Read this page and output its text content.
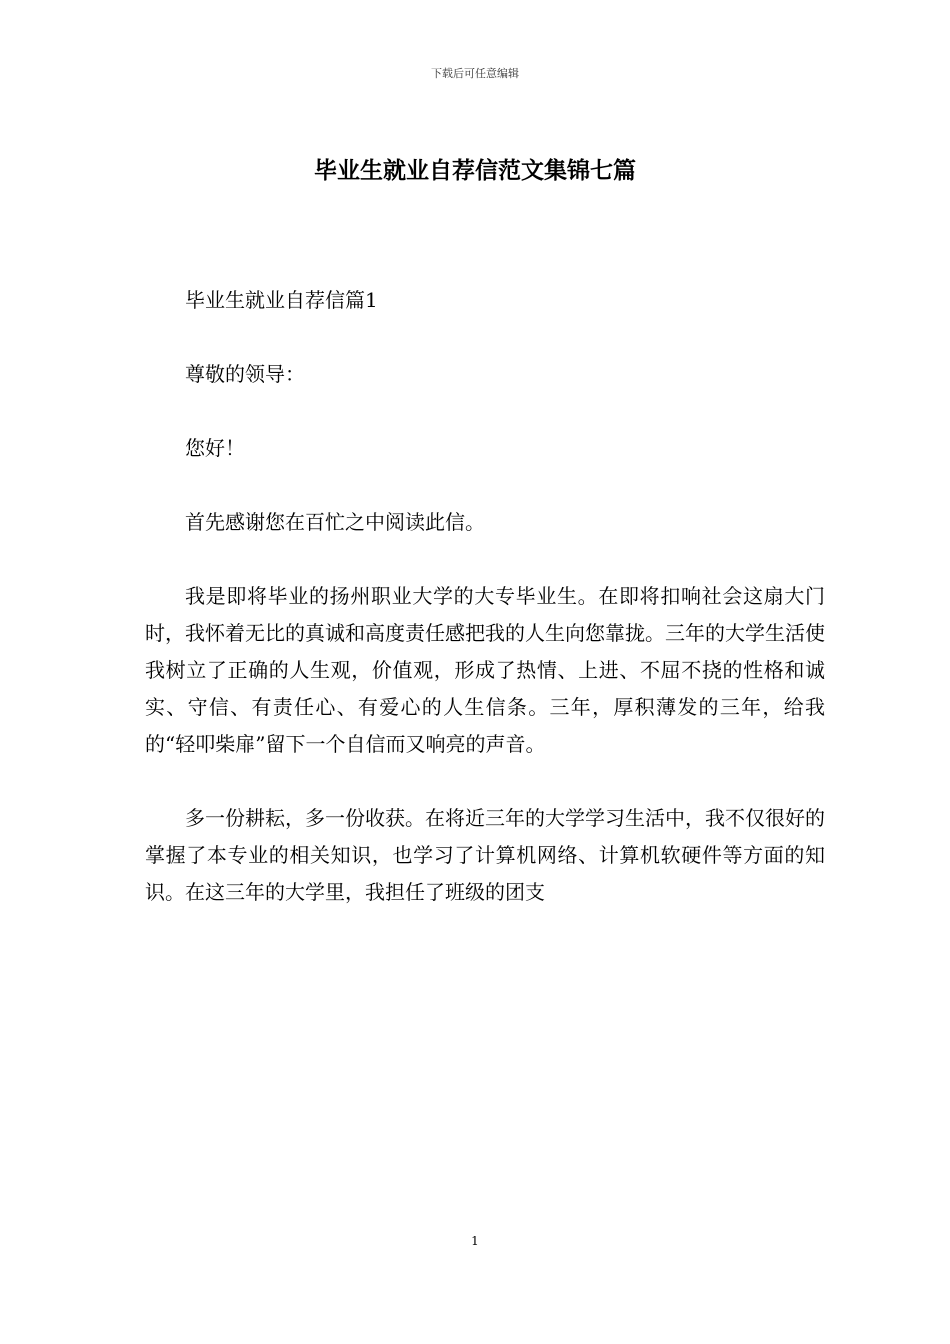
下载后可任意编辑
毕业生就业自荐信范文集锦七篇

毕业生就业自荐信篇1

尊敬的领导：

您好！

首先感谢您在百忙之中阅读此信。

我是即将毕业的扬州职业大学的大专毕业生。在即将扣响社会这扇大门时，我怀着无比的真诚和高度责任感把我的人生向您靠拢。三年的大学生活使我树立了正确的人生观，价值观，形成了热情、上进、不屈不挠的性格和诚实、守信、有责任心、有爱心的人生信条。三年，厚积薄发的三年，给我的“轻叩柴扉”留下一个自信而又响亮的声音。

多一份耕耘，多一份收获。在将近三年的大学学习生活中，我不仅很好的掌握了本专业的相关知识，也学习了计算机网络、计算机软硬件等方面的知识。在这三年的大学里，我担任了班级的团支

1
